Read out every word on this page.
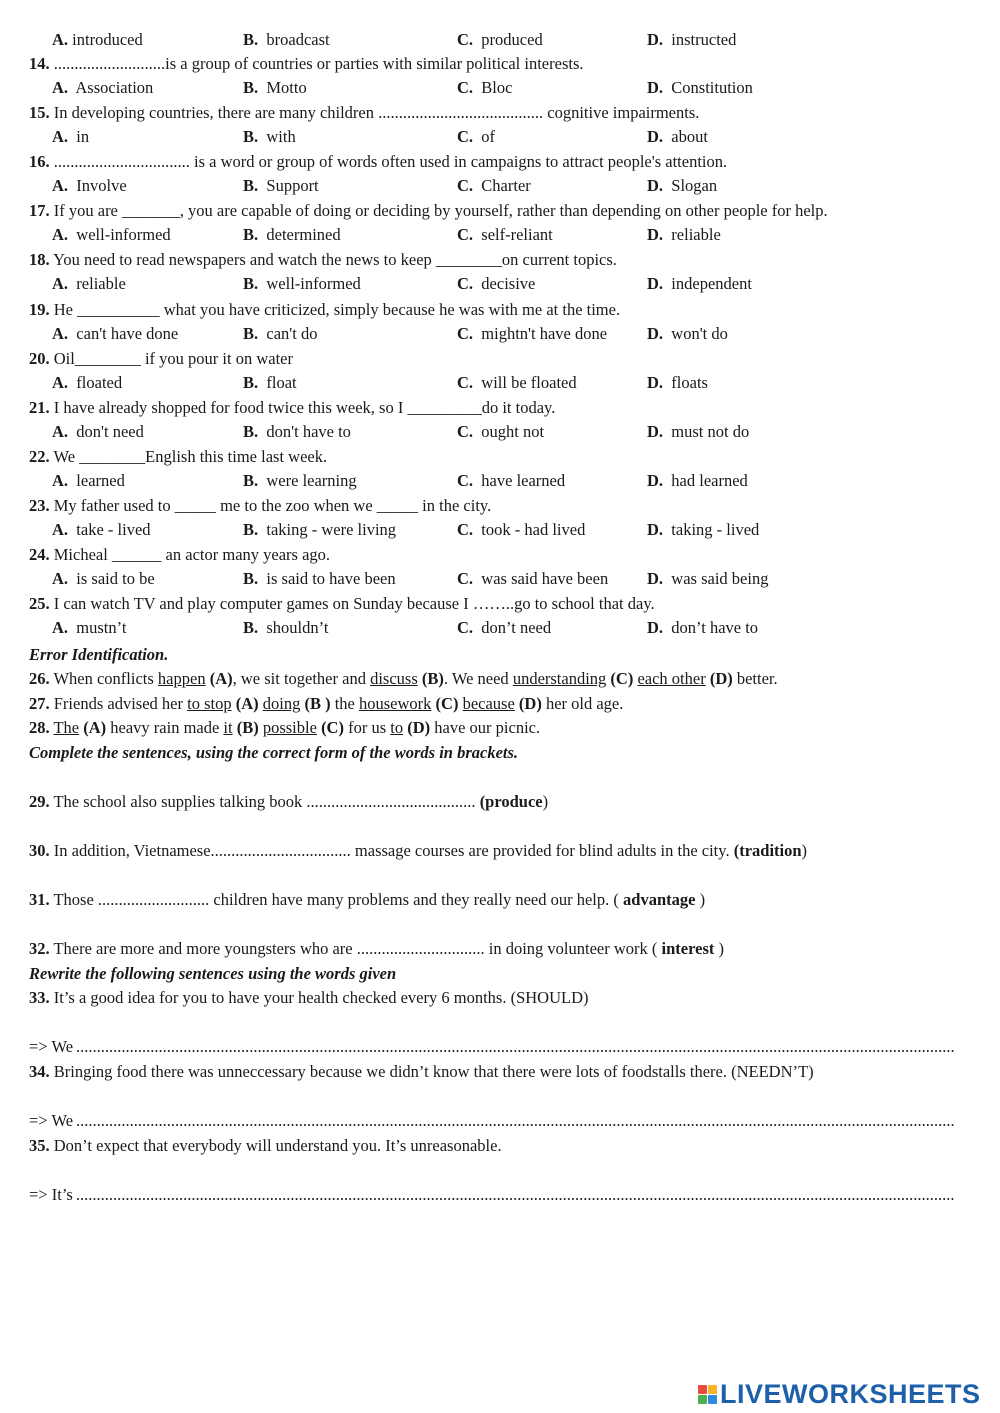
A. introduced	B. broadcast	C. produced	D. instructed
14. ...........................is a group of countries or parties with similar political interests.
A. Association	B. Motto	C. Bloc	D. Constitution
15. In developing countries, there are many children ........................................ cognitive impairments.
A. in	B. with	C. of	D. about
16. ................................. is a word or group of words often used in campaigns to attract people's attention.
A. Involve	B. Support	C. Charter	D. Slogan
17. If you are _______, you are capable of doing or deciding by yourself, rather than depending on other people for help.
A. well-informed	B. determined	C. self-reliant	D. reliable
18. You need to read newspapers and watch the news to keep ________on current topics.
A. reliable	B. well-informed	C. decisive	D. independent
19. He __________ what you have criticized, simply because he was with me at the time.
A. can't have done	B. can't do	C. mightn't have done D. won't do
20. Oil________ if you pour it on water
A. floated	B. float	C. will be floated	D. floats
21. I have already shopped for food twice this week, so I _________do it today.
A. don't need	B. don't have to	C. ought not	D. must not do
22. We ________English this time last week.
A. learned	B. were learning	C. have learned	D. had learned
23. My father used to _____ me to the zoo when we _____ in the city.
A. take - lived	B. taking - were living	C. took - had lived	D. taking - lived
24. Micheal ______ an actor many years ago.
A. is said to be	B. is said to have been	C. was said have been D. was said being
25. I can watch TV and play computer games on Sunday because I ……..go to school that day.
A. mustn’t	B. shouldn’t	C. don’t need	D. don’t have to
Error Identification.
26. When conflicts happen (A), we sit together and discuss (B). We need understanding (C) each other (D) better.
27. Friends advised her to stop (A) doing (B ) the housework (C) because (D) her old age.
28. The (A) heavy rain made it (B) possible (C) for us to (D) have our picnic.
Complete the sentences, using the correct form of the words in brackets.
29. The school also supplies talking book ......................................... (produce)
30. In addition, Vietnamese.................................. massage courses are provided for blind adults in the city. (tradition)
31. Those ........................... children have many problems and they really need our help. ( advantage )
32. There are more and more youngsters who are ............................... in doing volunteer work ( interest )
Rewrite the following sentences using the words given
33. It’s a good idea for you to have your health checked every 6 months. (SHOULD)
=> We
.....
34. Bringing food there was unneccessary because we didn’t know that there were lots of foodstalls there. (NEEDN’T)
=> We
.....
35. Don’t expect that everybody will understand you. It’s unreasonable.
=> It’s
.....
LIVEWORKSHEETS
